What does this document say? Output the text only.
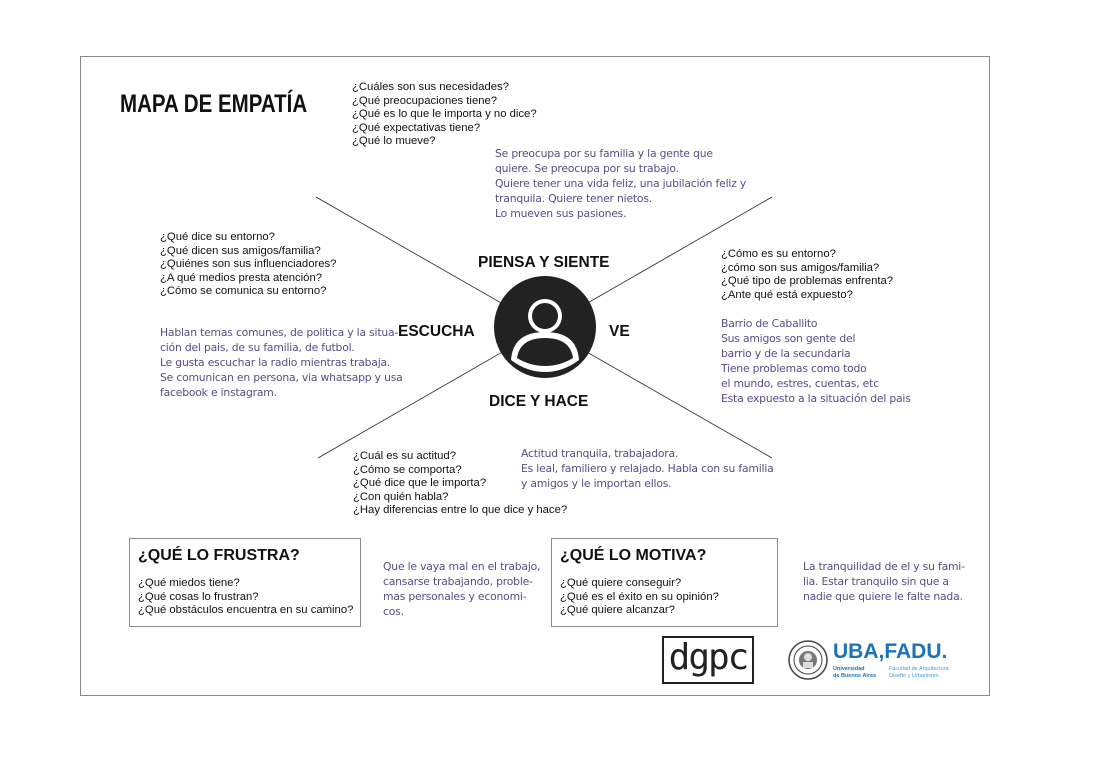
MAPA DE EMPATÍA
PIENSA Y SIENTE
ESCUCHA	VE
DICE Y HACE
¿Cuáles son sus necesidades?
¿Qué preocupaciones tiene?
¿Qué es lo que le importa y no dice?
¿Qué expectativas tiene?
¿Qué lo mueve?
Se preocupa por su familia y la gente que
quiere. Se preocupa por su trabajo.
Quiere tener una vida feliz, una jubilación feliz y
tranquila. Quiere tener nietos.
Lo mueven sus pasiones.
¿Qué dice su entorno?
¿Qué dicen sus amigos/familia?
¿Quiénes son sus influenciadores?
¿A qué medios presta atención?
¿Cómo se comunica su entorno?
Hablan temas comunes, de politica y la situa-
ción del pais, de su familia, de futbol.
Le gusta escuchar la radio mientras trabaja.
Se comunican en persona, via whatsapp y usa
facebook e instagram.
¿Cómo es su entorno?
¿cómo son sus amigos/familia?
¿Qué tipo de problemas enfrenta?
¿Ante qué está expuesto?
Barrio de Caballito
Sus amigos son gente del
barrio y de la secundaria
Tiene problemas como todo
el mundo, estres, cuentas, etc
Esta expuesto a la situación del pais
¿Cuál es su actitud?
¿Cómo se comporta?
¿Qué dice que le importa?
¿Con quién habla?
¿Hay diferencias entre lo que dice y hace?
Actitud tranquila, trabajadora.
Es leal, familiero y relajado. Habla con su familia
y amigos y le importan ellos.
¿QUÉ LO FRUSTRA?
¿Qué miedos tiene?
¿Qué cosas lo frustran?
¿Qué obstáculos encuentra en su camino?
Que le vaya mal en el trabajo,
cansarse trabajando, proble-
mas personales y economi-
cos.
¿QUÉ LO MOTIVA?
¿Qué quiere conseguir?
¿Qué es el éxito en su opinión?
¿Qué quiere alcanzar?
La tranquilidad de el y su fami-
lia. Estar tranquilo sin que a
nadie que quiere le falte nada.
dgpc	UBA,FADU.
Universidad
de Buenos Aires
Facultad de Arquitectura
Diseño y Urbanismo
